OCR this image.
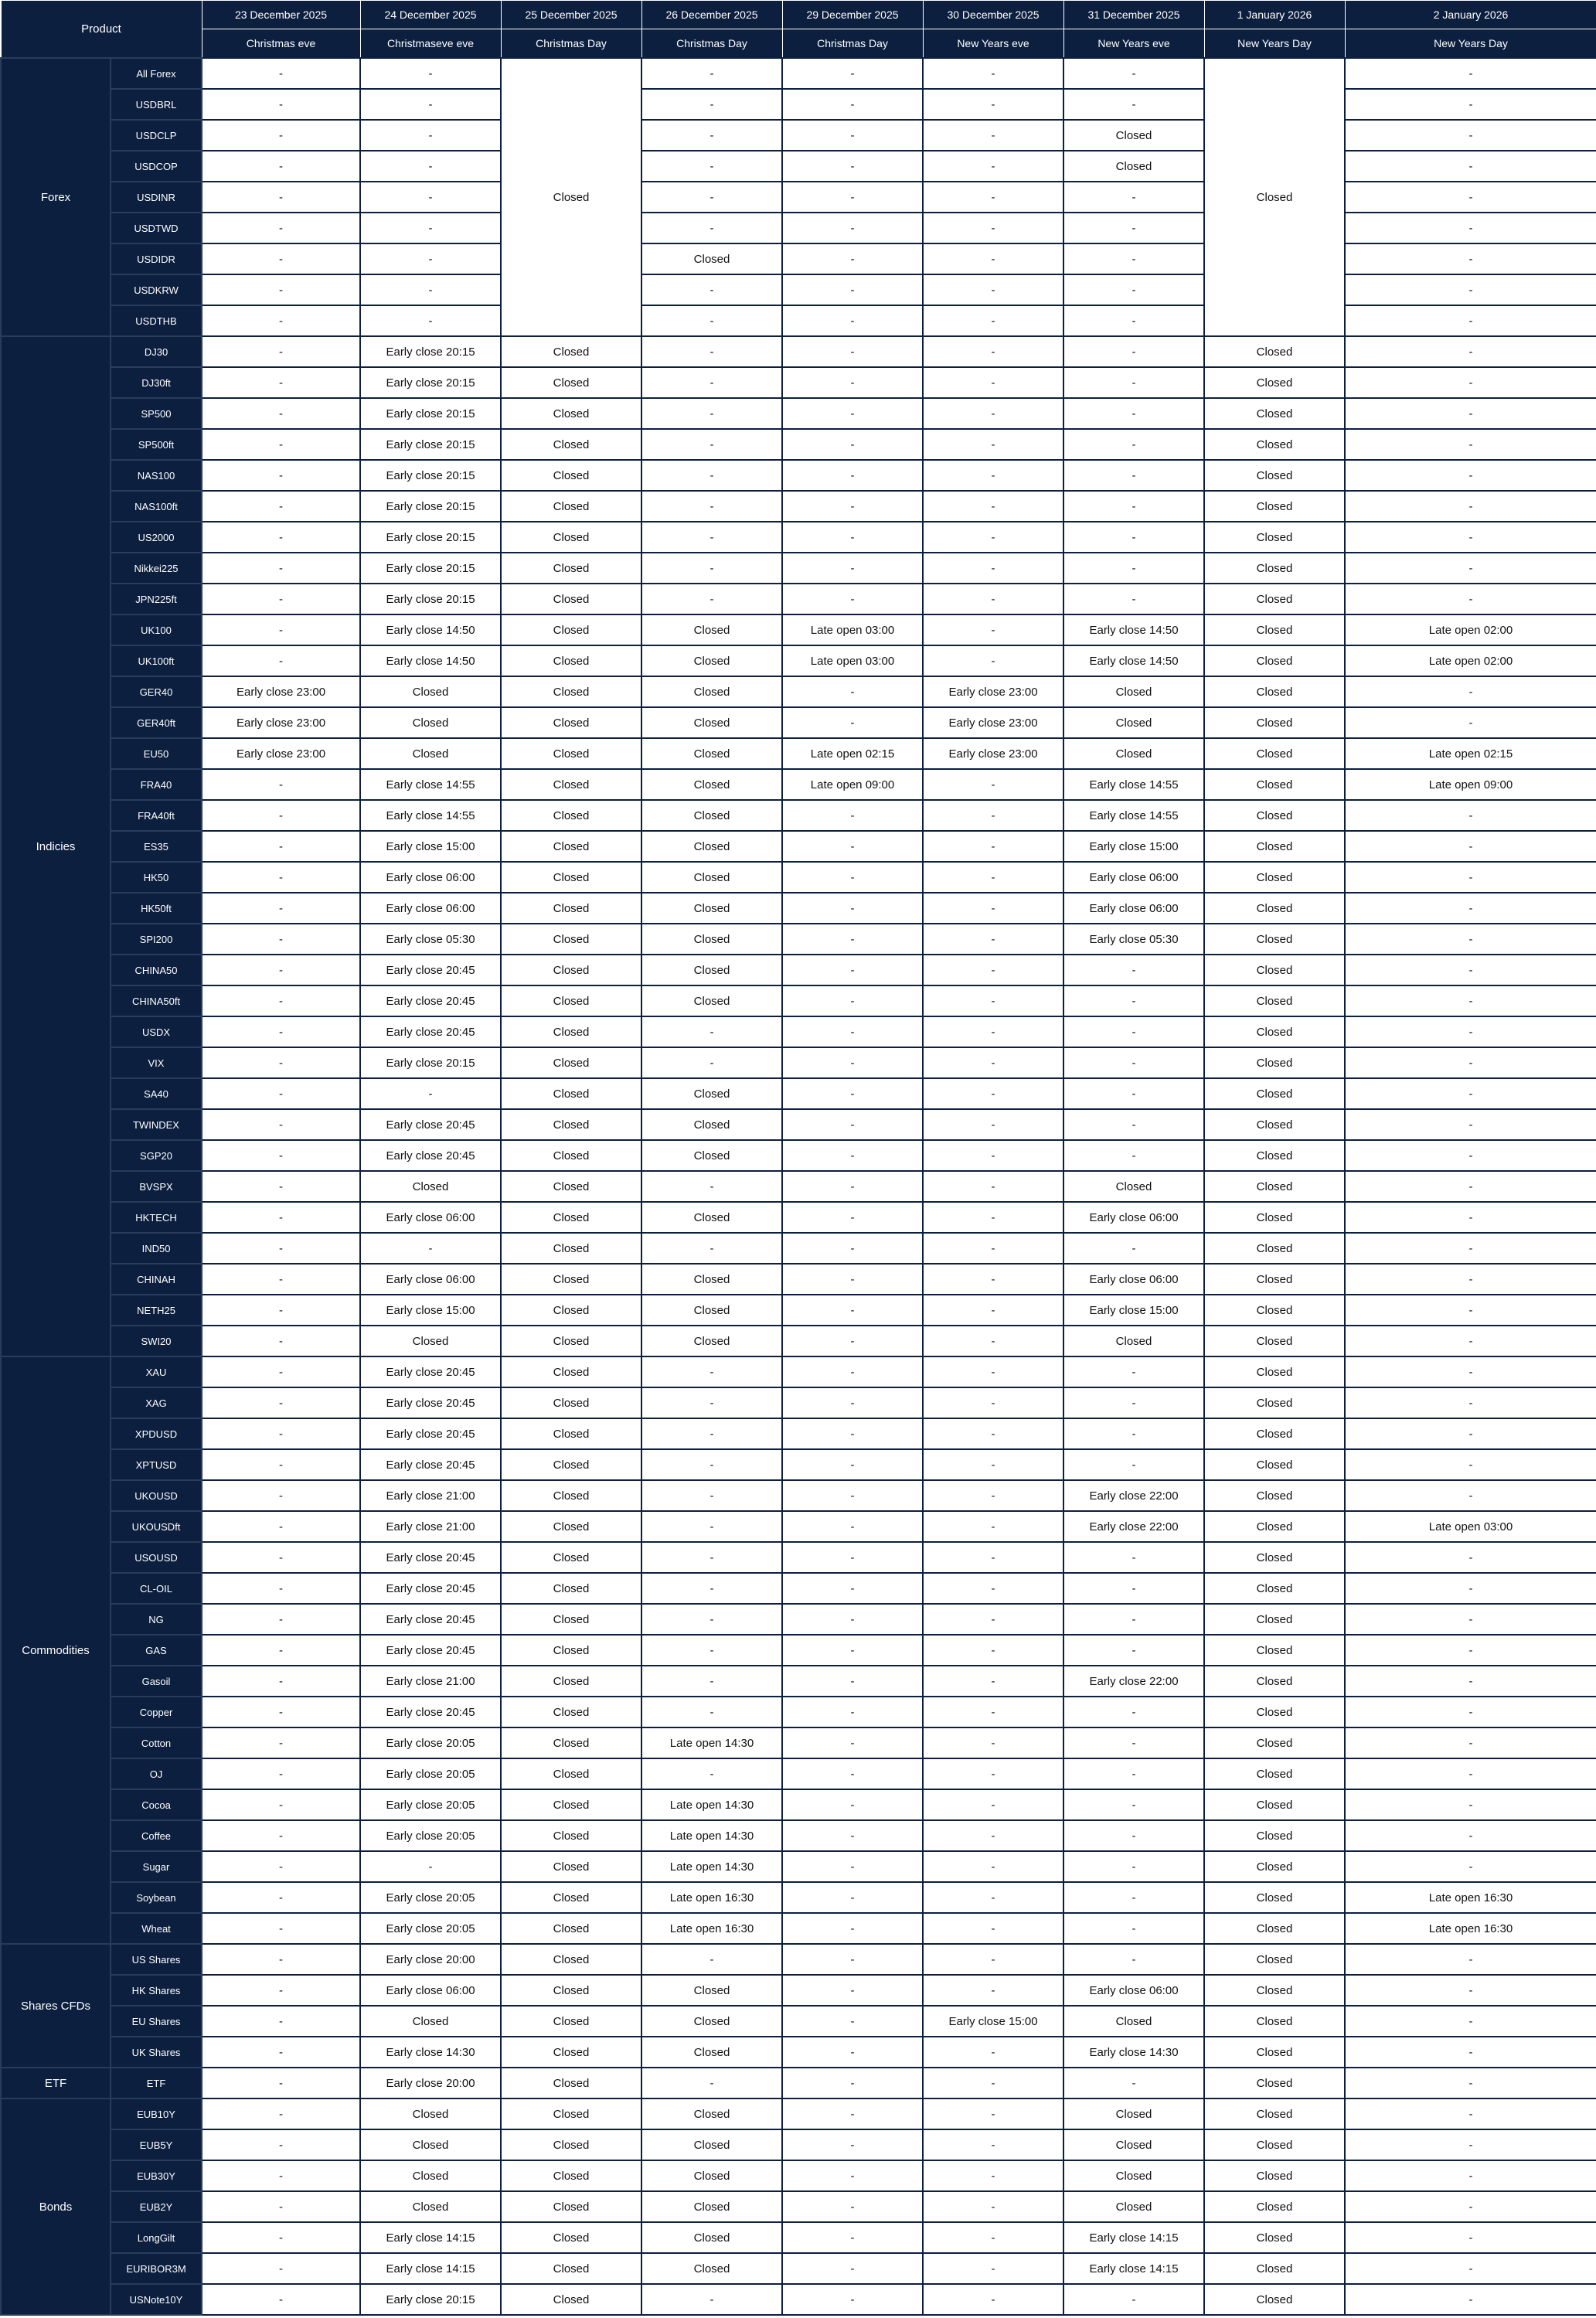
Product		23 December 2025	24 December 2025	25 December 2025	26 December 2025	29 December 2025	30 December 2025	31 December 2025	1 January 2026	2 January 2026
		Christmas eve	Christmaseve eve	Christmas Day	Christmas Day	Christmas Day	New Years eve	New Years eve	New Years Day	New Years Day
Forex	All Forex	-	-	Closed	-	-	-	-	Closed	-
	USDBRL	-	-		-	-	-	-		-
	USDCLP	-	-		-	-	-	Closed		-
	USDCOP	-	-		-	-	-	Closed		-
	USDINR	-	-		-	-	-	-		-
	USDTWD	-	-		-	-	-	-		-
	USDIDR	-	-		Closed	-	-	-		-
	USDKRW	-	-		-	-	-	-		-
	USDTHB	-	-		-	-	-	-		-
Indicies	DJ30	-	Early close 20:15	Closed	-	-	-	-	Closed	-
	DJ30ft	-	Early close 20:15	Closed	-	-	-	-	Closed	-
	SP500	-	Early close 20:15	Closed	-	-	-	-	Closed	-
	SP500ft	-	Early close 20:15	Closed	-	-	-	-	Closed	-
	NAS100	-	Early close 20:15	Closed	-	-	-	-	Closed	-
	NAS100ft	-	Early close 20:15	Closed	-	-	-	-	Closed	-
	US2000	-	Early close 20:15	Closed	-	-	-	-	Closed	-
	Nikkei225	-	Early close 20:15	Closed	-	-	-	-	Closed	-
	JPN225ft	-	Early close 20:15	Closed	-	-	-	-	Closed	-
	UK100	-	Early close 14:50	Closed	Closed	Late open 03:00	-	Early close 14:50	Closed	Late open 02:00
	UK100ft	-	Early close 14:50	Closed	Closed	Late open 03:00	-	Early close 14:50	Closed	Late open 02:00
	GER40	Early close 23:00	Closed	Closed	Closed	-	Early close 23:00	Closed	Closed	-
	GER40ft	Early close 23:00	Closed	Closed	Closed	-	Early close 23:00	Closed	Closed	-
	EU50	Early close 23:00	Closed	Closed	Closed	Late open 02:15	Early close 23:00	Closed	Closed	Late open 02:15
	FRA40	-	Early close 14:55	Closed	Closed	Late open 09:00	-	Early close 14:55	Closed	Late open 09:00
	FRA40ft	-	Early close 14:55	Closed	Closed	-	-	Early close 14:55	Closed	-
	ES35	-	Early close 15:00	Closed	Closed	-	-	Early close 15:00	Closed	-
	HK50	-	Early close 06:00	Closed	Closed	-	-	Early close 06:00	Closed	-
	HK50ft	-	Early close 06:00	Closed	Closed	-	-	Early close 06:00	Closed	-
	SPI200	-	Early close 05:30	Closed	Closed	-	-	Early close 05:30	Closed	-
	CHINA50	-	Early close 20:45	Closed	Closed	-	-	-	Closed	-
	CHINA50ft	-	Early close 20:45	Closed	Closed	-	-	-	Closed	-
	USDX	-	Early close 20:45	Closed	-	-	-	-	Closed	-
	VIX	-	Early close 20:15	Closed	-	-	-	-	Closed	-
	SA40	-	-	Closed	Closed	-	-	-	Closed	-
	TWINDEX	-	Early close 20:45	Closed	Closed	-	-	-	Closed	-
	SGP20	-	Early close 20:45	Closed	Closed	-	-	-	Closed	-
	BVSPX	-	Closed	Closed	-	-	-	Closed	Closed	-
	HKTECH	-	Early close 06:00	Closed	Closed	-	-	Early close 06:00	Closed	-
	IND50	-	-	Closed	-	-	-	-	Closed	-
	CHINAH	-	Early close 06:00	Closed	Closed	-	-	Early close 06:00	Closed	-
	NETH25	-	Early close 15:00	Closed	Closed	-	-	Early close 15:00	Closed	-
	SWI20	-	Closed	Closed	Closed	-	-	Closed	Closed	-
Commodities	XAU	-	Early close 20:45	Closed	-	-	-	-	Closed	-
	XAG	-	Early close 20:45	Closed	-	-	-	-	Closed	-
	XPDUSD	-	Early close 20:45	Closed	-	-	-	-	Closed	-
	XPTUSD	-	Early close 20:45	Closed	-	-	-	-	Closed	-
	UKOUSD	-	Early close 21:00	Closed	-	-	-	Early close 22:00	Closed	-
	UKOUSDft	-	Early close 21:00	Closed	-	-	-	Early close 22:00	Closed	Late open 03:00
	USOUSD	-	Early close 20:45	Closed	-	-	-	-	Closed	-
	CL-OIL	-	Early close 20:45	Closed	-	-	-	-	Closed	-
	NG	-	Early close 20:45	Closed	-	-	-	-	Closed	-
	GAS	-	Early close 20:45	Closed	-	-	-	-	Closed	-
	Gasoil	-	Early close 21:00	Closed	-	-	-	Early close 22:00	Closed	-
	Copper	-	Early close 20:45	Closed	-	-	-	-	Closed	-
	Cotton	-	Early close 20:05	Closed	Late open 14:30	-	-	-	Closed	-
	OJ	-	Early close 20:05	Closed	-	-	-	-	Closed	-
	Cocoa	-	Early close 20:05	Closed	Late open 14:30	-	-	-	Closed	-
	Coffee	-	Early close 20:05	Closed	Late open 14:30	-	-	-	Closed	-
	Sugar	-	-	Closed	Late open 14:30	-	-	-	Closed	-
	Soybean	-	Early close 20:05	Closed	Late open 16:30	-	-	-	Closed	Late open 16:30
	Wheat	-	Early close 20:05	Closed	Late open 16:30	-	-	-	Closed	Late open 16:30
Shares CFDs	US Shares	-	Early close 20:00	Closed	-	-	-	-	Closed	-
	HK Shares	-	Early close 06:00	Closed	Closed	-	-	Early close 06:00	Closed	-
	EU Shares	-	Closed	Closed	Closed	-	Early close 15:00	Closed	Closed	-
	UK Shares	-	Early close 14:30	Closed	Closed	-	-	Early close 14:30	Closed	-
ETF	ETF	-	Early close 20:00	Closed	-	-	-	-	Closed	-
Bonds	EUB10Y	-	Closed	Closed	Closed	-	-	Closed	Closed	-
	EUB5Y	-	Closed	Closed	Closed	-	-	Closed	Closed	-
	EUB30Y	-	Closed	Closed	Closed	-	-	Closed	Closed	-
	EUB2Y	-	Closed	Closed	Closed	-	-	Closed	Closed	-
	LongGilt	-	Early close 14:15	Closed	Closed	-	-	Early close 14:15	Closed	-
	EURIBOR3M	-	Early close 14:15	Closed	Closed	-	-	Early close 14:15	Closed	-
	USNote10Y	-	Early close 20:15	Closed	-	-	-	-	Closed	-
